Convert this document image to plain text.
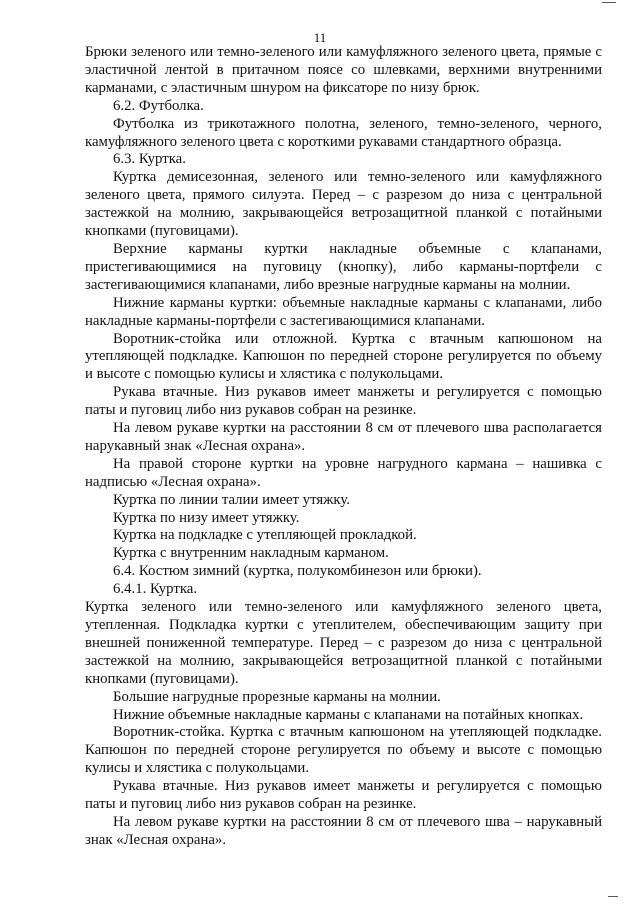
11

Брюки зеленого или темно-зеленого или камуфляжного зеленого цвета, прямые с эластичной лентой в притачном поясе со шлевками, верхними внутренними карманами, с эластичным шнуром на фиксаторе по низу брюк.

6.2. Футболка.

Футболка из трикотажного полотна, зеленого, темно-зеленого, черного, камуфляжного зеленого цвета с короткими рукавами стандартного образца.

6.3. Куртка.

Куртка демисезонная, зеленого или темно-зеленого или камуфляжного зеленого цвета, прямого силуэта. Перед – с разрезом до низа с центральной застежкой на молнию, закрывающейся ветрозащитной планкой с потайными кнопками (пуговицами).

Верхние карманы куртки накладные объемные с клапанами, пристегивающимися на пуговицу (кнопку), либо карманы-портфели с застегивающимися клапанами, либо врезные нагрудные карманы на молнии.

Нижние карманы куртки: объемные накладные карманы с клапанами, либо накладные карманы-портфели с застегивающимися клапанами.

Воротник-стойка или отложной. Куртка с втачным капюшоном на утепляющей подкладке. Капюшон по передней стороне регулируется по объему и высоте с помощью кулисы и хлястика с полукольцами.

Рукава втачные. Низ рукавов имеет манжеты и регулируется с помощью паты и пуговиц либо низ рукавов собран на резинке.

На левом рукаве куртки на расстоянии 8 см от плечевого шва располагается нарукавный знак «Лесная охрана».

На правой стороне куртки на уровне нагрудного кармана – нашивка с надписью «Лесная охрана».

Куртка по линии талии имеет утяжку.

Куртка по низу имеет утяжку.

Куртка на подкладке с утепляющей прокладкой.

Куртка с внутренним накладным карманом.

6.4. Костюм зимний (куртка, полукомбинезон или брюки).

6.4.1. Куртка.

Куртка зеленого или темно-зеленого или камуфляжного зеленого цвета, утепленная. Подкладка куртки с утеплителем, обеспечивающим защиту при внешней пониженной температуре. Перед – с разрезом до низа с центральной застежкой на молнию, закрывающейся ветрозащитной планкой с потайными кнопками (пуговицами).

Большие нагрудные прорезные карманы на молнии.

Нижние объемные накладные карманы с клапанами на потайных кнопках.

Воротник-стойка. Куртка с втачным капюшоном на утепляющей подкладке. Капюшон по передней стороне регулируется по объему и высоте с помощью кулисы и хлястика с полукольцами.

Рукава втачные. Низ рукавов имеет манжеты и регулируется с помощью паты и пуговиц либо низ рукавов собран на резинке.

На левом рукаве куртки на расстоянии 8 см от плечевого шва – нарукавный знак «Лесная охрана».
